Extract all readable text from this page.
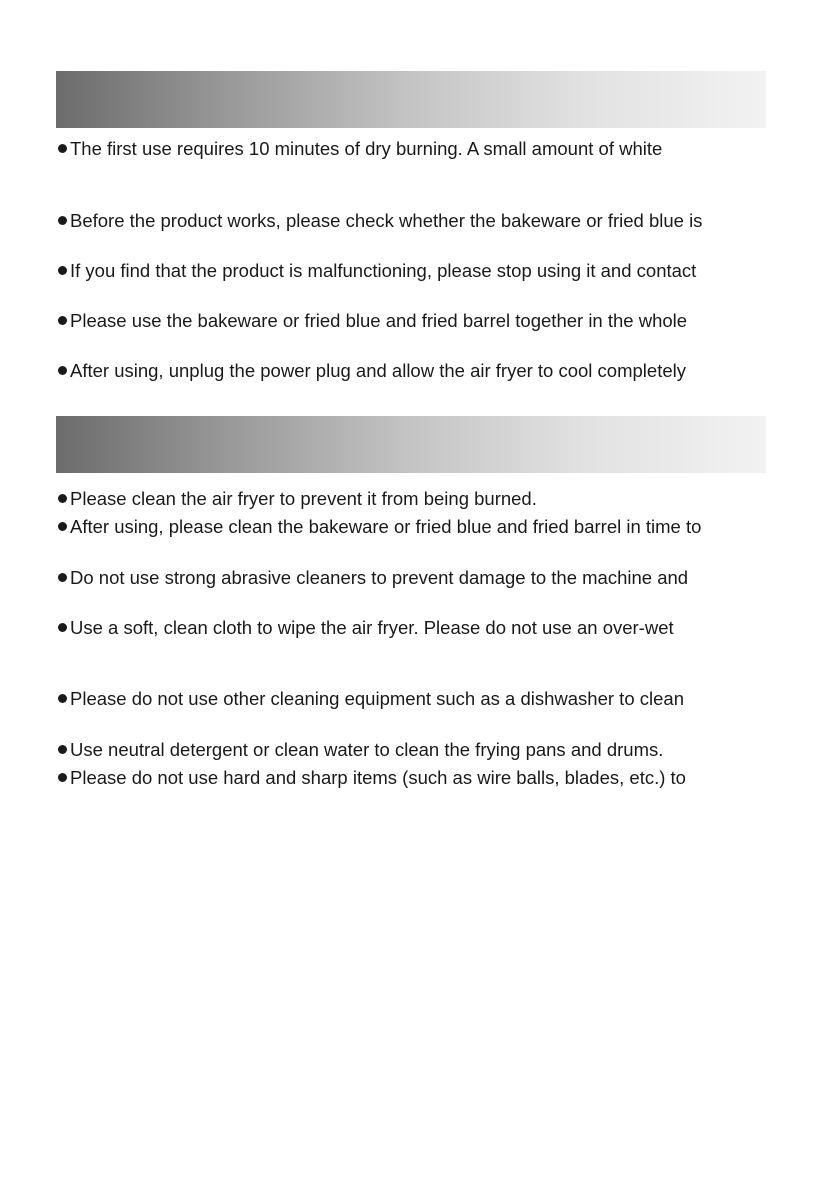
The first use requires 10 minutes of dry burning. A small amount of white

Before the product works, please check whether the bakeware or fried blue is

If you find that the product is malfunctioning, please stop using it and contact

Please use the bakeware or fried blue and fried barrel together in the whole

After using, unplug the power plug and allow the air fryer to cool completely

Please clean the air fryer to prevent it from being burned.

After using, please clean the bakeware or fried blue and fried barrel in time to

Do not use strong abrasive cleaners to prevent damage to the machine and

Use a soft, clean cloth to wipe the air fryer. Please do not use an over-wet

Please do not use other cleaning equipment such as a dishwasher to clean

Use neutral detergent or clean water to clean the frying pans and drums.

Please do not use hard and sharp items (such as wire balls, blades, etc.) to
